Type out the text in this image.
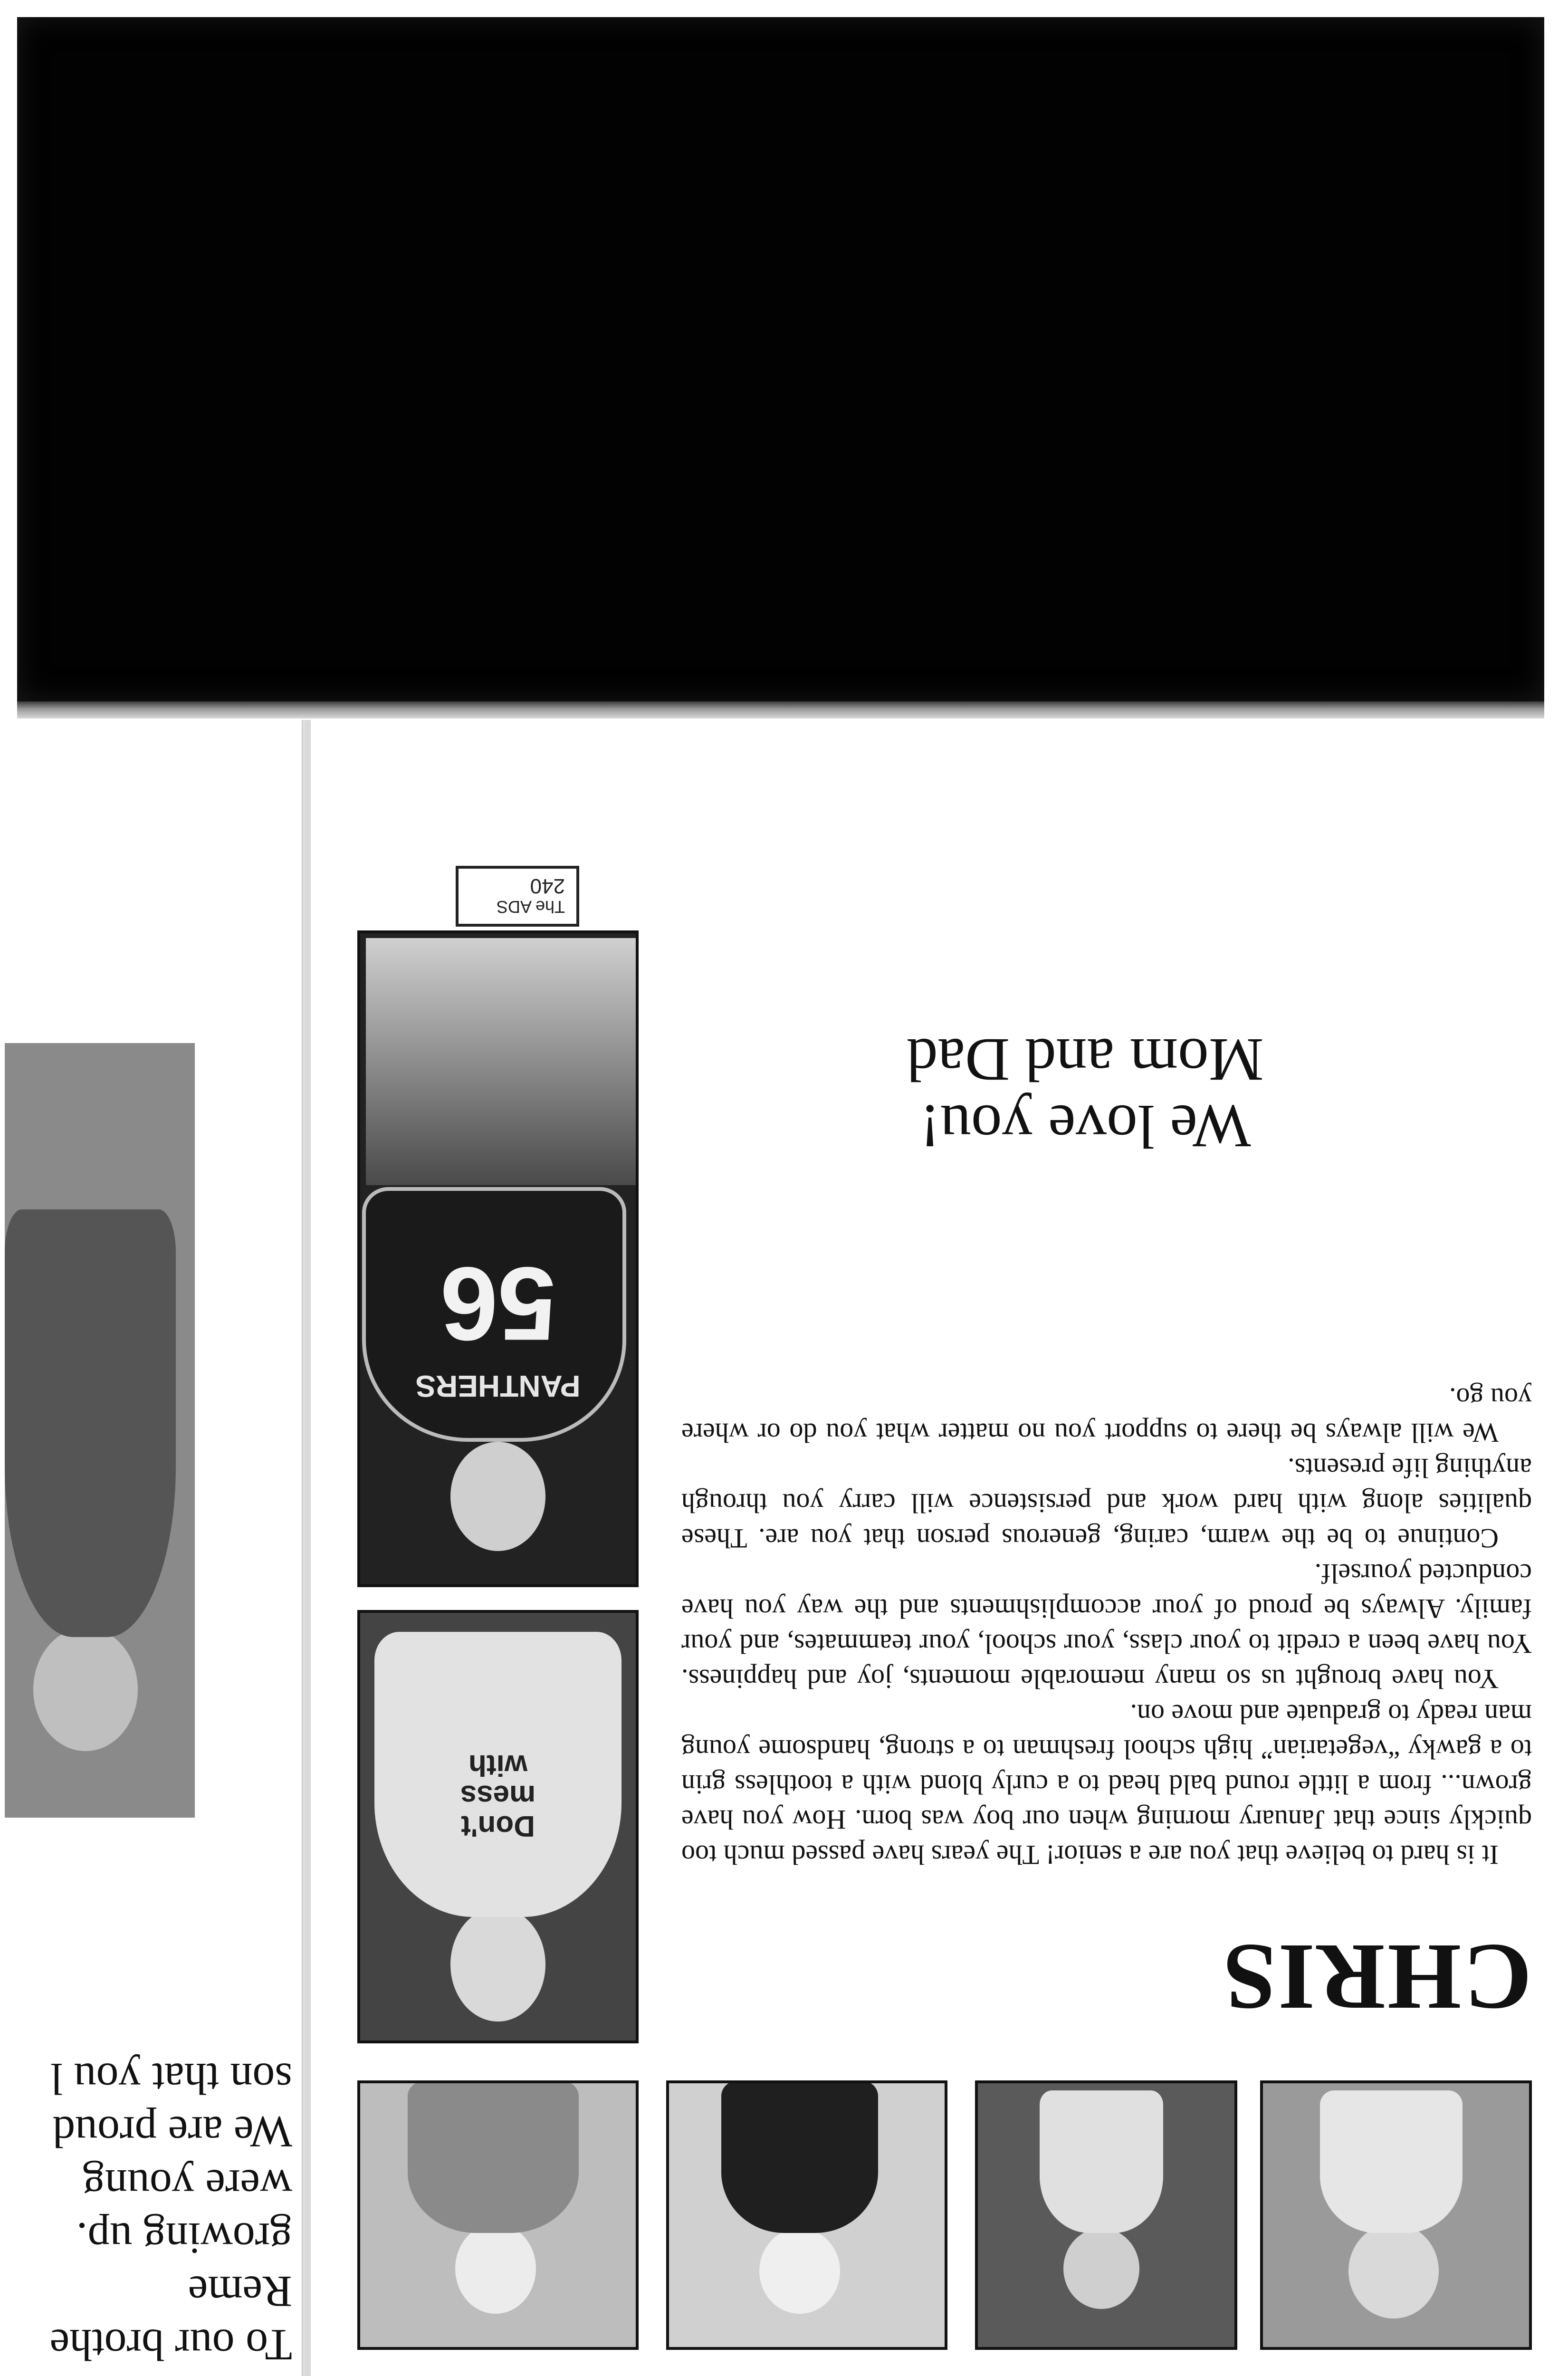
To our brothe
Reme
growing up.
were young
We are proud
son that you l
CHRIS
Don't mess with
PANTHERS
56

It is hard to believe that you are a senior! The years have passed much too quickly since that January morning when our boy was born. How you have grown... from a little round bald head to a curly blond with a toothless grin to a gawky “vegetarian” high school freshman to a strong, handsome young man ready to graduate and move on.

You have brought us so many memorable moments, joy and happiness. You have been a credit to your class, your school, your teammates, and your family. Always be proud of your accomplishments and the way you have conducted yourself.

Continue to be the warm, caring, generous person that you are. These qualities along with hard work and persistence will carry you through anything life presents.

We will always be there to support you no matter what you do or where you go.

We love you!
Mom and Dad
The ADS
240
